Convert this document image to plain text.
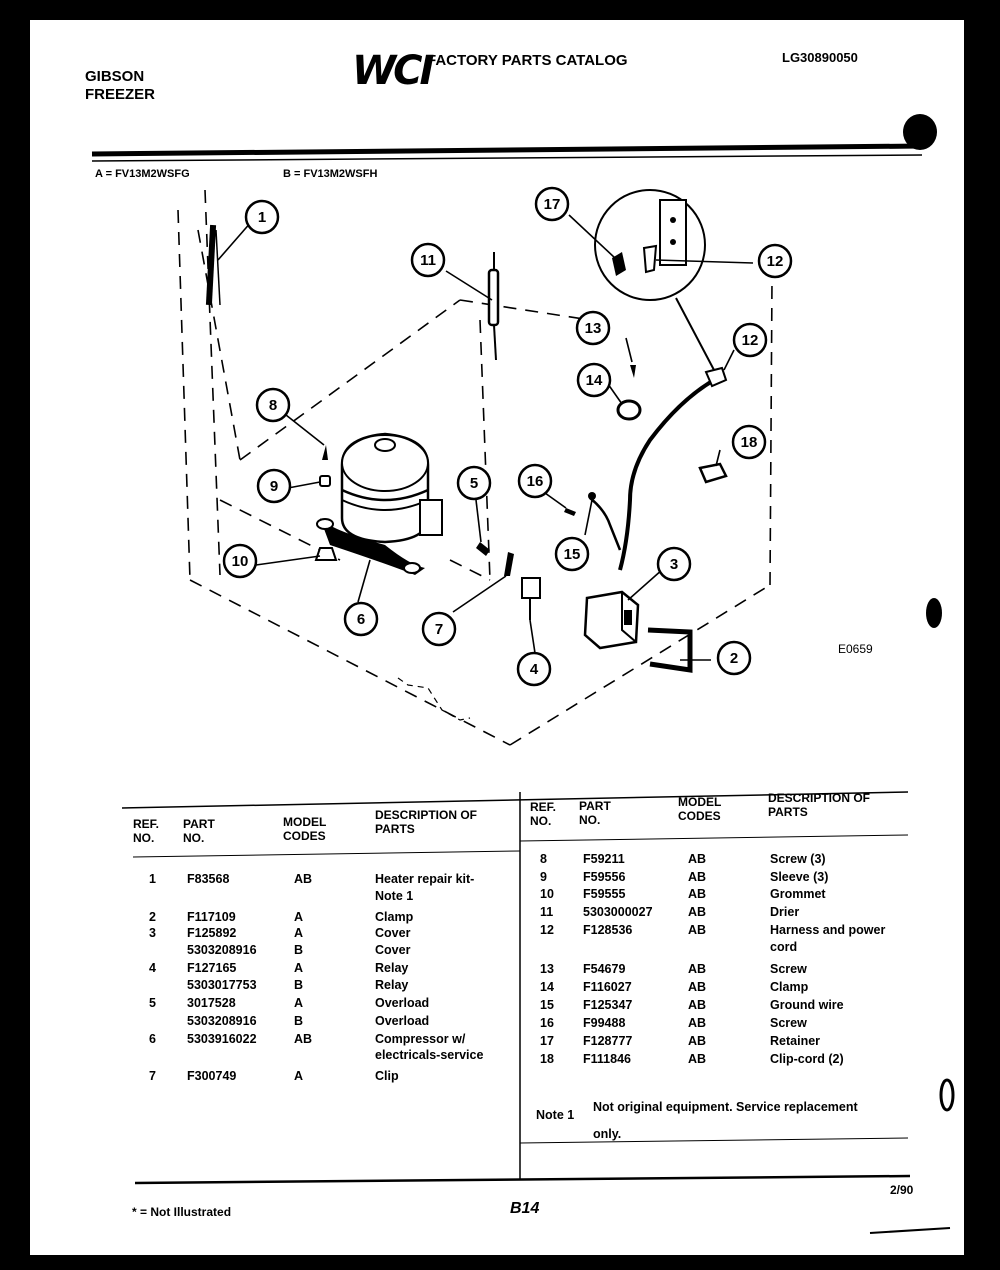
GIBSON
FREEZER
WCI
FACTORY PARTS CATALOG	LG30890050
A = FV13M2WSFG	B = FV13M2WSFH
E0659
REF. NO.
PART NO.
MODEL CODES
DESCRIPTION OF PARTS
REF. NO.
PART NO.
MODEL CODES
DESCRIPTION OF PARTS
1 F83568	AB	Heater repair kit-
Note 1
2 F117109	A	Clamp
3 F125892	A	Cover
5303208916	B	Cover
4 F127165	A	Relay
5303017753	B	Relay
5 3017528	A	Overload
5303208916	B	Overload
6 5303916022	AB	Compressor w/
electricals-service
7 F300749	A	Clip
8	F59211	AB	Screw (3)
9	F59556	AB	Sleeve (3)
10 F59555	AB	Grommet
11 5303000027	AB	Drier
12 F128536	AB	Harness and power
cord
13 F54679	AB	Screw
14 F116027	AB	Clamp
15 F125347	AB	Ground wire
16 F99488	AB	Screw
17 F128777	AB	Retainer
18 F111846	AB	Clip-cord (2)
Note 1
Not original equipment. Service replacement
only.
* = Not Illustrated	B14
2/90
1
11
17
12
12
13
14
18
8
9	5	16
15
3
10
6
7
4
2
